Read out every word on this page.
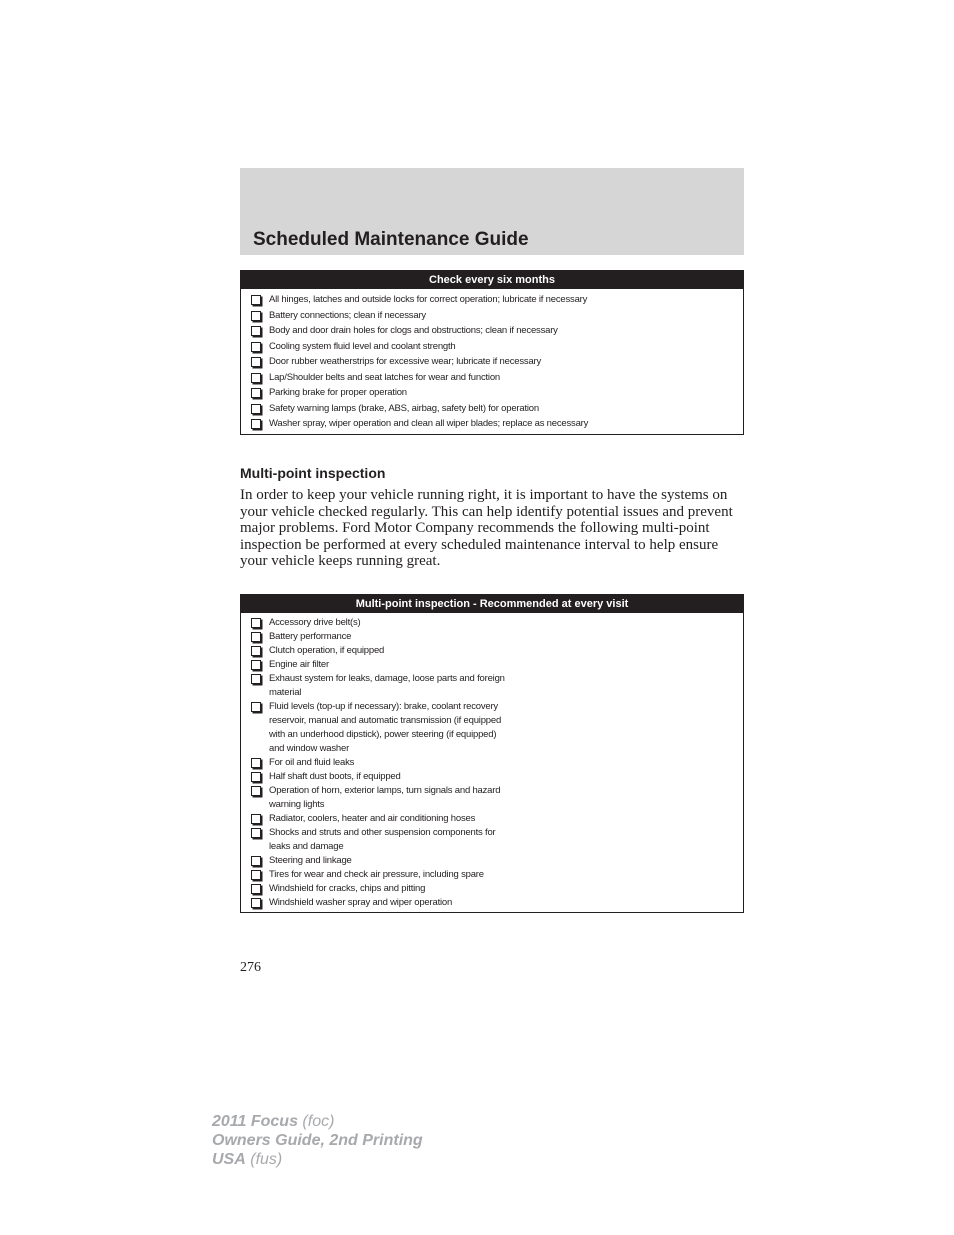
Scheduled Maintenance Guide
Check every six months
All hinges, latches and outside locks for correct operation; lubricate if necessary
Battery connections; clean if necessary
Body and door drain holes for clogs and obstructions; clean if necessary
Cooling system fluid level and coolant strength
Door rubber weatherstrips for excessive wear; lubricate if necessary
Lap/Shoulder belts and seat latches for wear and function
Parking brake for proper operation
Safety warning lamps (brake, ABS, airbag, safety belt) for operation
Washer spray, wiper operation and clean all wiper blades; replace as necessary
Multi-point inspection
In order to keep your vehicle running right, it is important to have the systems on your vehicle checked regularly. This can help identify potential issues and prevent major problems. Ford Motor Company recommends the following multi-point inspection be performed at every scheduled maintenance interval to help ensure your vehicle keeps running great.
Multi-point inspection - Recommended at every visit
Accessory drive belt(s)
Battery performance
Clutch operation, if equipped
Engine air filter
Exhaust system for leaks, damage, loose parts and foreign material
Fluid levels (top-up if necessary): brake, coolant recovery reservoir, manual and automatic transmission (if equipped with an underhood dipstick), power steering (if equipped) and window washer
For oil and fluid leaks
Half shaft dust boots, if equipped
Operation of horn, exterior lamps, turn signals and hazard warning lights
Radiator, coolers, heater and air conditioning hoses
Shocks and struts and other suspension components for leaks and damage
Steering and linkage
Tires for wear and check air pressure, including spare
Windshield for cracks, chips and pitting
Windshield washer spray and wiper operation
276
2011 Focus (foc)
Owners Guide, 2nd Printing
USA (fus)
